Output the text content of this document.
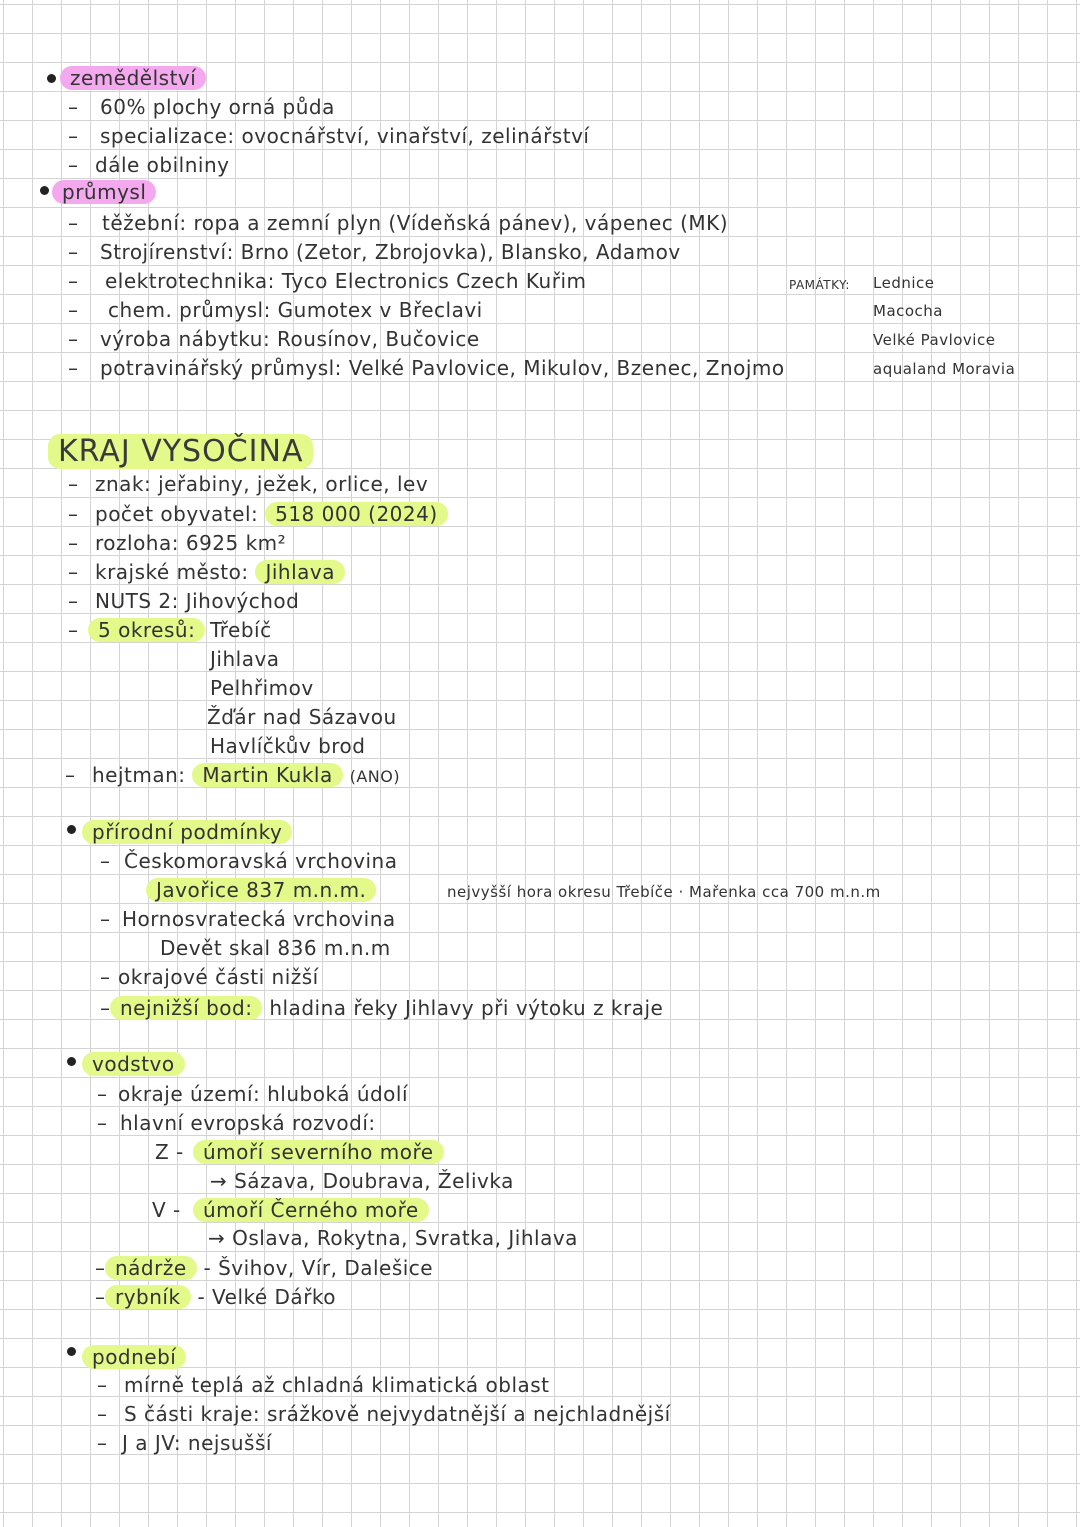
zemědělství
– 60% plochy orná půda
– specializace: ovocnářství, vinařství, zelinářství
– dále obilniny
průmysl
– těžební: ropa a zemní plyn (Vídeňská pánev), vápenec (MK)
– Strojírenství: Brno (Zetor, Zbrojovka), Blansko, Adamov
– elektrotechnika: Tyco Electronics Czech Kuřim
– chem. průmysl: Gumotex v Břeclavi
– výroba nábytku: Rousínov, Bučovice
– potravinářský průmysl: Velké Pavlovice, Mikulov, Bzenec, Znojmo
PAMÁTKY: Lednice
Macocha
Velké Pavlovice
aqualand Moravia
KRAJ VYSOČINA
– znak: jeřabiny, ježek, orlice, lev
– počet obyvatel: 518 000 (2024)
– rozloha: 6925 km²
– krajské město: Jihlava
– NUTS 2: Jihovýchod
– 5 okresů: Třebíč
Jihlava
Pelhřimov
Žďár nad Sázavou
Havlíčkův brod
– hejtman: Martin Kukla (ANO)
přírodní podmínky
– Českomoravská vrchovina
Javořice 837 m.n.m.	nejvyšší hora okresu Třebíče · Mařenka cca 700 m.n.m
– Hornosvratecká vrchovina
Devět skal 836 m.n.m
– okrajové části nižší
– nejnižší bod: hladina řeky Jihlavy při výtoku z kraje
vodstvo
– okraje území: hluboká údolí
– hlavní evropská rozvodí:
Z - úmoří severního moře
→ Sázava, Doubrava, Želivka
V -	úmoří Černého moře
→ Oslava, Rokytna, Svratka, Jihlava
– nádrže - Švihov, Vír, Dalešice
– rybník - Velké Dářko
podnebí
– mírně teplá až chladná klimatická oblast
– S části kraje: srážkově nejvydatnější a nejchladnější
– J a JV: nejsušší
